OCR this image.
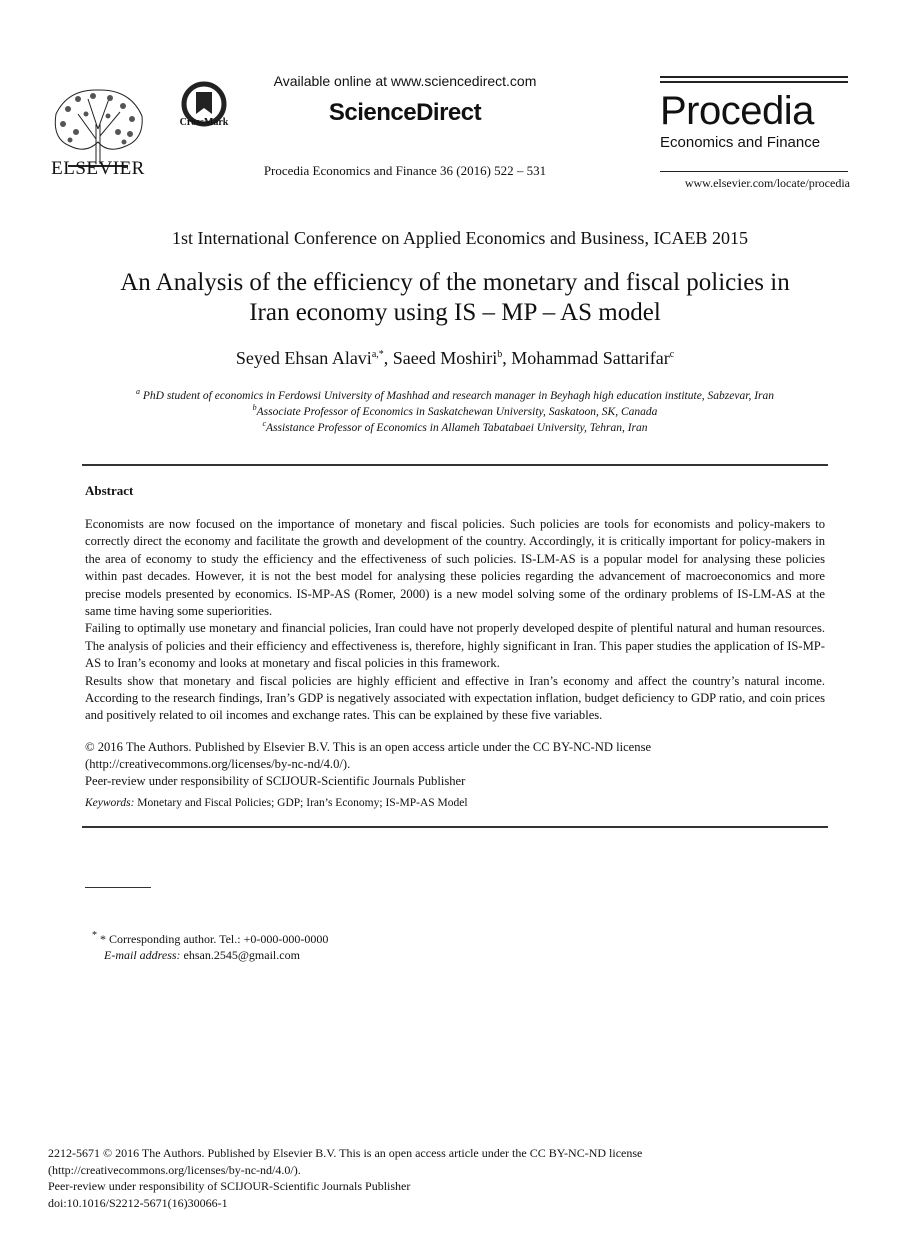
ELSEVIER
CrossMark
Available online at www.sciencedirect.com
ScienceDirect
Procedia Economics and Finance 36 (2016) 522 – 531
Procedia
Economics and Finance
www.elsevier.com/locate/procedia
1st International Conference on Applied Economics and Business, ICAEB 2015
An Analysis of the efficiency of the monetary and fiscal policies in
Iran economy using IS – MP – AS model
Seyed Ehsan Alavi$^{a,*}$, Saeed Moshiri$^b$, Mohammad Sattarifar$^c$
$^a$ PhD student of economics in Ferdowsi University of Mashhad and research manager in Beyhagh high education institute, Sabzevar, Iran
$^b$Associate Professor of Economics in Saskatchewan University, Saskatoon, SK, Canada
$^c$Assistance Professor of Economics in Allameh Tabatabaei University, Tehran, Iran
Abstract

Economists are now focused on the importance of monetary and fiscal policies. Such policies are tools for economists and policy-makers to correctly direct the economy and facilitate the growth and development of the country. Accordingly, it is critically important for policy-makers in the area of economy to study the efficiency and the effectiveness of such policies. IS-LM-AS is a popular model for analysing these policies within past decades. However, it is not the best model for analysing these policies regarding the advancement of macroeconomics and more precise models presented by economics. IS-MP-AS (Romer, 2000) is a new model solving some of the ordinary problems of IS-LM-AS at the same time having some superiorities.

Failing to optimally use monetary and financial policies, Iran could have not properly developed despite of plentiful natural and human resources. The analysis of policies and their efficiency and effectiveness is, therefore, highly significant in Iran. This paper studies the application of IS-MP-AS to Iran’s economy and looks at monetary and fiscal policies in this framework.

Results show that monetary and fiscal policies are highly efficient and effective in Iran’s economy and affect the country’s natural income. According to the research findings, Iran’s GDP is negatively associated with expectation inflation, budget deficiency to GDP ratio, and coin prices and positively related to oil incomes and exchange rates. This can be explained by these five variables.

© 2016 The Authors. Published by Elsevier B.V. This is an open access article under the CC BY-NC-ND license
(http://creativecommons.org/licenses/by-nc-nd/4.0/).
Peer-review under responsibility of SCIJOUR-Scientific Journals Publisher
Keywords: Monetary and Fiscal Policies; GDP; Iran’s Economy; IS-MP-AS Model
* * Corresponding author. Tel.: +0-000-000-0000
E-mail address: ehsan.2545@gmail.com
2212-5671 © 2016 The Authors. Published by Elsevier B.V. This is an open access article under the CC BY-NC-ND license
(http://creativecommons.org/licenses/by-nc-nd/4.0/).
Peer-review under responsibility of SCIJOUR-Scientific Journals Publisher
doi:10.1016/S2212-5671(16)30066-1
